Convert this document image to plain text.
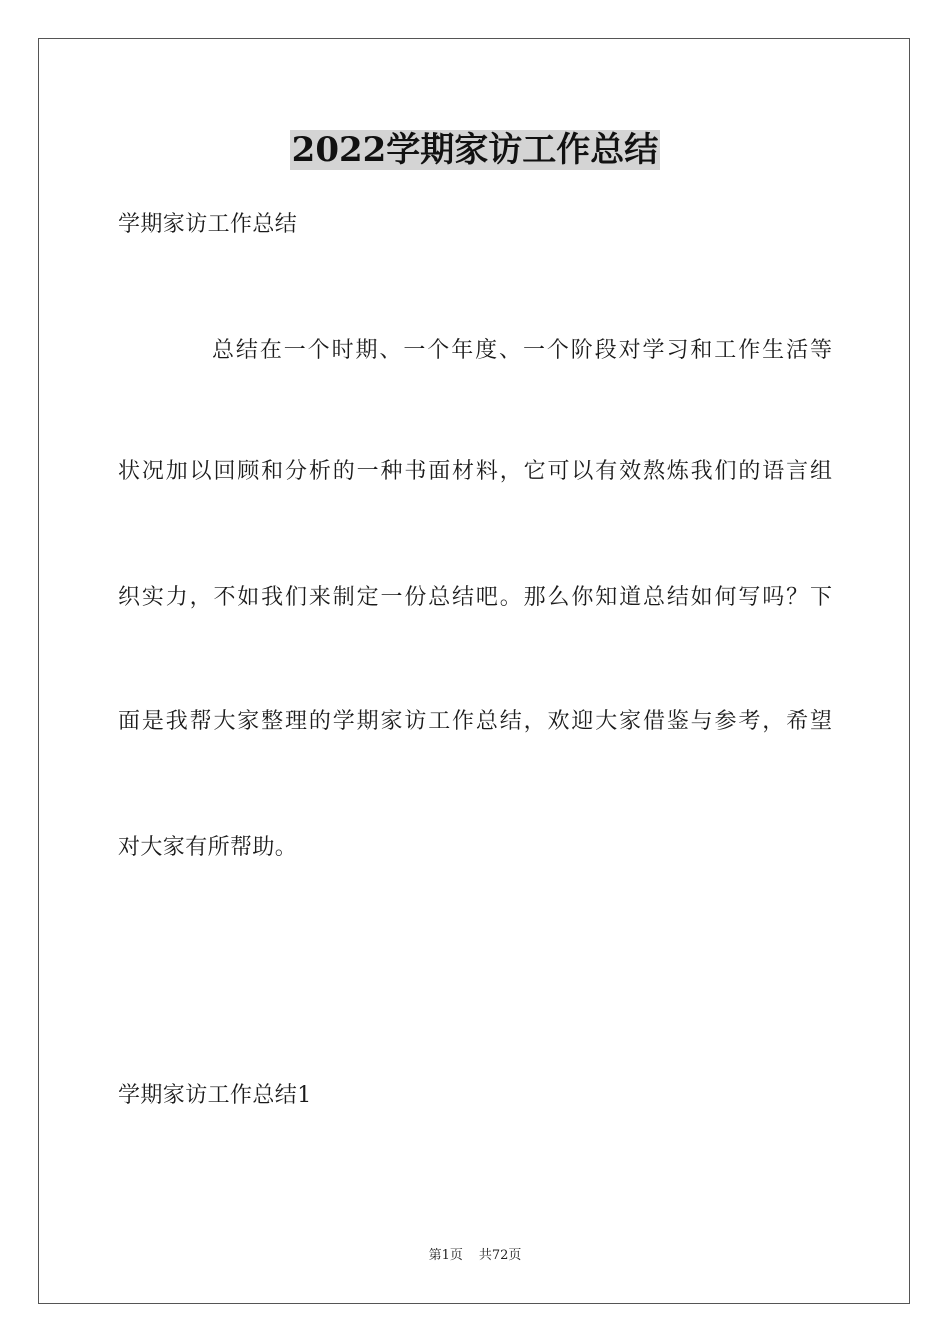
2022学期家访工作总结
学期家访工作总结
总结在一个时期、一个年度、一个阶段对学习和工作生活等
状况加以回顾和分析的一种书面材料，它可以有效熬炼我们的语言组
织实力，不如我们来制定一份总结吧。那么你知道总结如何写吗？下
面是我帮大家整理的学期家访工作总结，欢迎大家借鉴与参考，希望
对大家有所帮助。
学期家访工作总结1
第1页 共72页
